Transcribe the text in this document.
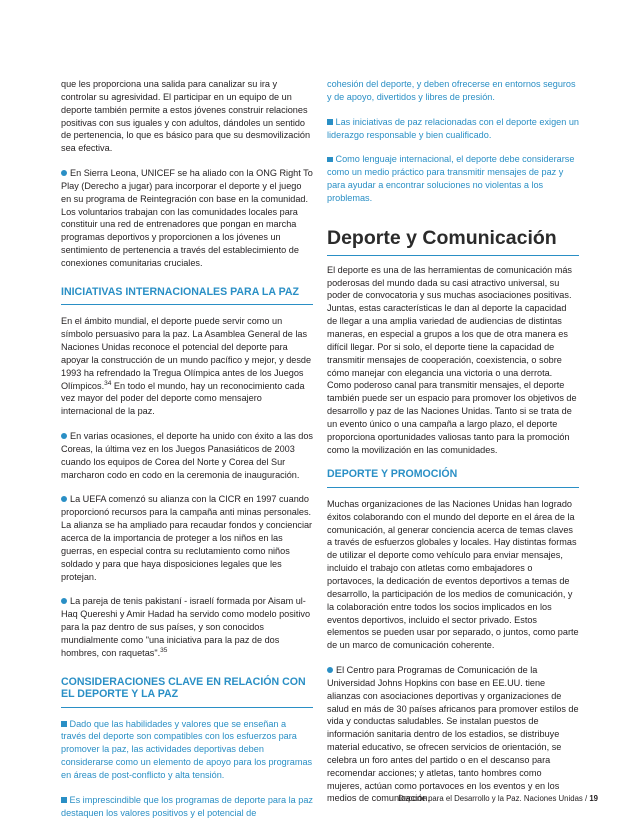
que les proporciona una salida para canalizar su ira y controlar su agresividad. El participar en un equipo de un deporte también permite a estos jóvenes construir relaciones positivas con sus iguales y con adultos, dándoles un sentido de pertenencia, lo que es básico para que su desmovilización sea efectiva.

En Sierra Leona, UNICEF se ha aliado con la ONG Right To Play (Derecho a jugar) para incorporar el deporte y el juego en su programa de Reintegración con base en la comunidad. Los voluntarios trabajan con las comunidades locales para constituir una red de entrenadores que pongan en marcha programas deportivos y proporcionen a los jóvenes un sentimiento de pertenencia a través del establecimiento de conexiones comunitarias cruciales.

INICIATIVAS INTERNACIONALES PARA LA PAZ

En el ámbito mundial, el deporte puede servir como un símbolo persuasivo para la paz. La Asamblea General de las Naciones Unidas reconoce el potencial del deporte para apoyar la construcción de un mundo pacífico y mejor, y desde 1993 ha refrendado la Tregua Olímpica antes de los Juegos Olímpicos.$^{34}$ En todo el mundo, hay un reconocimiento cada vez mayor del poder del deporte como mensajero internacional de la paz.

En varias ocasiones, el deporte ha unido con éxito a las dos Coreas, la última vez en los Juegos Panasiáticos de 2003 cuando los equipos de Corea del Norte y Corea del Sur marcharon codo en codo en la ceremonia de inauguración.

La UEFA comenzó su alianza con la CICR en 1997 cuando proporcionó recursos para la campaña anti minas personales. La alianza se ha ampliado para recaudar fondos y concienciar acerca de la importancia de proteger a los niños en las guerras, en especial contra su reclutamiento como niños soldado y para que haya disposiciones legales que les protejan.

La pareja de tenis pakistaní - israelí formada por Aisam ul-Haq Quereshi y Amir Hadad ha servido como modelo positivo para la paz dentro de sus países, y son conocidos mundialmente como "una iniciativa para la paz de dos hombres, con raquetas".$^{35}$

CONSIDERACIONES CLAVE EN RELACIÓN CON EL DEPORTE Y LA PAZ

Dado que las habilidades y valores que se enseñan a través del deporte son compatibles con los esfuerzos para promover la paz, las actividades deportivas deben considerarse como un elemento de apoyo para los programas en áreas de post-conflicto y alta tensión.

Es imprescindible que los programas de deporte para la paz destaquen los valores positivos y el potencial de

cohesión del deporte, y deben ofrecerse en entornos seguros y de apoyo, divertidos y libres de presión.

Las iniciativas de paz relacionadas con el deporte exigen un liderazgo responsable y bien cualificado.

Como lenguaje internacional, el deporte debe considerarse como un medio práctico para transmitir mensajes de paz y para ayudar a encontrar soluciones no violentas a los problemas.

Deporte y Comunicación

El deporte es una de las herramientas de comunicación más poderosas del mundo dada su casi atractivo universal, su poder de convocatoria y sus muchas asociaciones positivas. Juntas, estas características le dan al deporte la capacidad de llegar a una amplia variedad de audiencias de distintas maneras, en especial a grupos a los que de otra manera es difícil llegar. Por si solo, el deporte tiene la capacidad de transmitir mensajes de cooperación, coexistencia, o sobre cómo manejar con elegancia una victoria o una derrota. Como poderoso canal para transmitir mensajes, el deporte también puede ser un espacio para promover los objetivos de desarrollo y paz de las Naciones Unidas. Tanto si se trata de un evento único o una campaña a largo plazo, el deporte proporciona oportunidades valiosas tanto para la promoción como la movilización en las comunidades.

DEPORTE Y PROMOCIÓN

Muchas organizaciones de las Naciones Unidas han logrado éxitos colaborando con el mundo del deporte en el área de la comunicación, al generar conciencia acerca de temas claves a través de esfuerzos globales y locales. Hay distintas formas de utilizar el deporte como vehículo para enviar mensajes, incluido el trabajo con atletas como embajadores o portavoces, la dedicación de eventos deportivos a temas de desarrollo, la participación de los medios de comunicación, y la colaboración entre todos los socios implicados en los eventos deportivos, incluido el sector privado. Estos elementos se pueden usar por separado, o juntos, como parte de un marco de comunicación coherente.

El Centro para Programas de Comunicación de la Universidad Johns Hopkins con base en EE.UU. tiene alianzas con asociaciones deportivas y organizaciones de salud en más de 30 países africanos para promover estilos de vida y conductas saludables. Se instalan puestos de información sanitaria dentro de los estadios, se distribuye material educativo, se ofrecen servicios de orientación, se celebra un foro antes del partido o en el descanso para recomendar acciones; y atletas, tanto hombres como mujeres, actúan como portavoces en los eventos y en los medios de comunicación.

Deporte para el Desarrollo y la Paz. Naciones Unidas / 19
